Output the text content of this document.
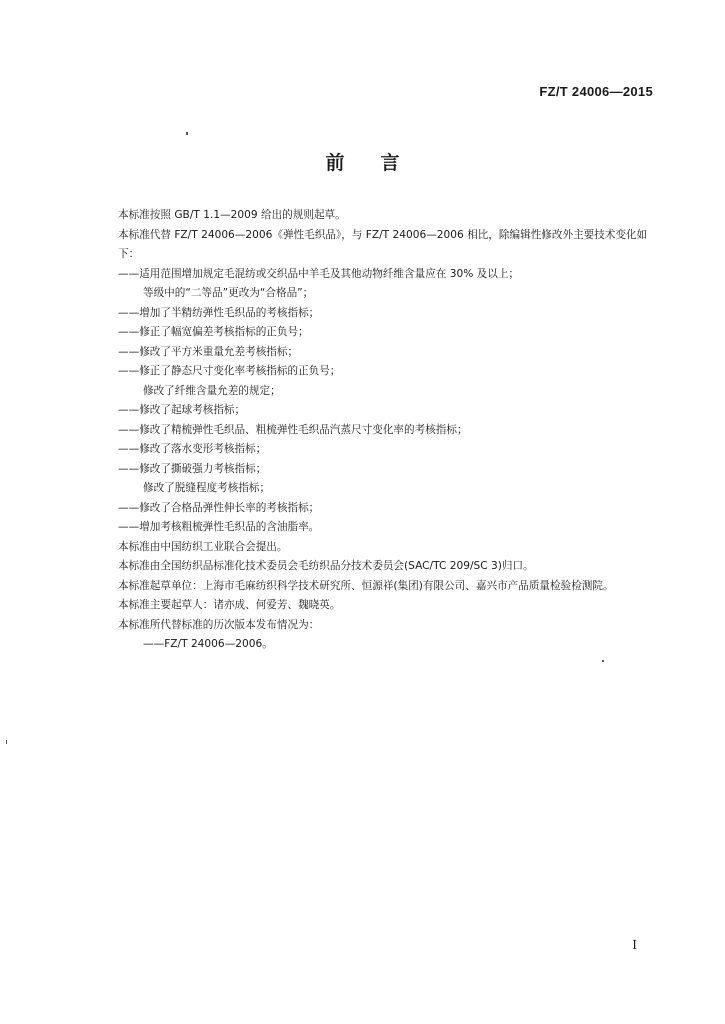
FZ/T 24006—2015
前 言
本标准按照 GB/T 1.1—2009 给出的规则起草。
本标准代替 FZ/T 24006—2006《弹性毛织品》，与 FZ/T 24006—2006 相比，除编辑性修改外主要技术变化如下：
——适用范围增加规定毛混纺或交织品中羊毛及其他动物纤维含量应在 30% 及以上；
等级中的“二等品”更改为“合格品”；
——增加了半精纺弹性毛织品的考核指标；
——修正了幅宽偏差考核指标的正负号；
——修改了平方米重量允差考核指标；
——修正了静态尺寸变化率考核指标的正负号；
修改了纤维含量允差的规定；
——修改了起球考核指标；
——修改了精梳弹性毛织品、粗梳弹性毛织品汽蒸尺寸变化率的考核指标；
——修改了落水变形考核指标；
——修改了撕破强力考核指标；
修改了脱缝程度考核指标；
——修改了合格品弹性伸长率的考核指标；
——增加考核粗梳弹性毛织品的含油脂率。
本标准由中国纺织工业联合会提出。
本标准由全国纺织品标准化技术委员会毛纺织品分技术委员会(SAC/TC 209/SC 3)归口。
本标准起草单位：上海市毛麻纺织科学技术研究所、恒源祥(集团)有限公司、嘉兴市产品质量检验检测院。
本标准主要起草人：诸亦成、何爱芳、魏晓英。
本标准所代替标准的历次版本发布情况为：
——FZ/T 24006—2006。
I
